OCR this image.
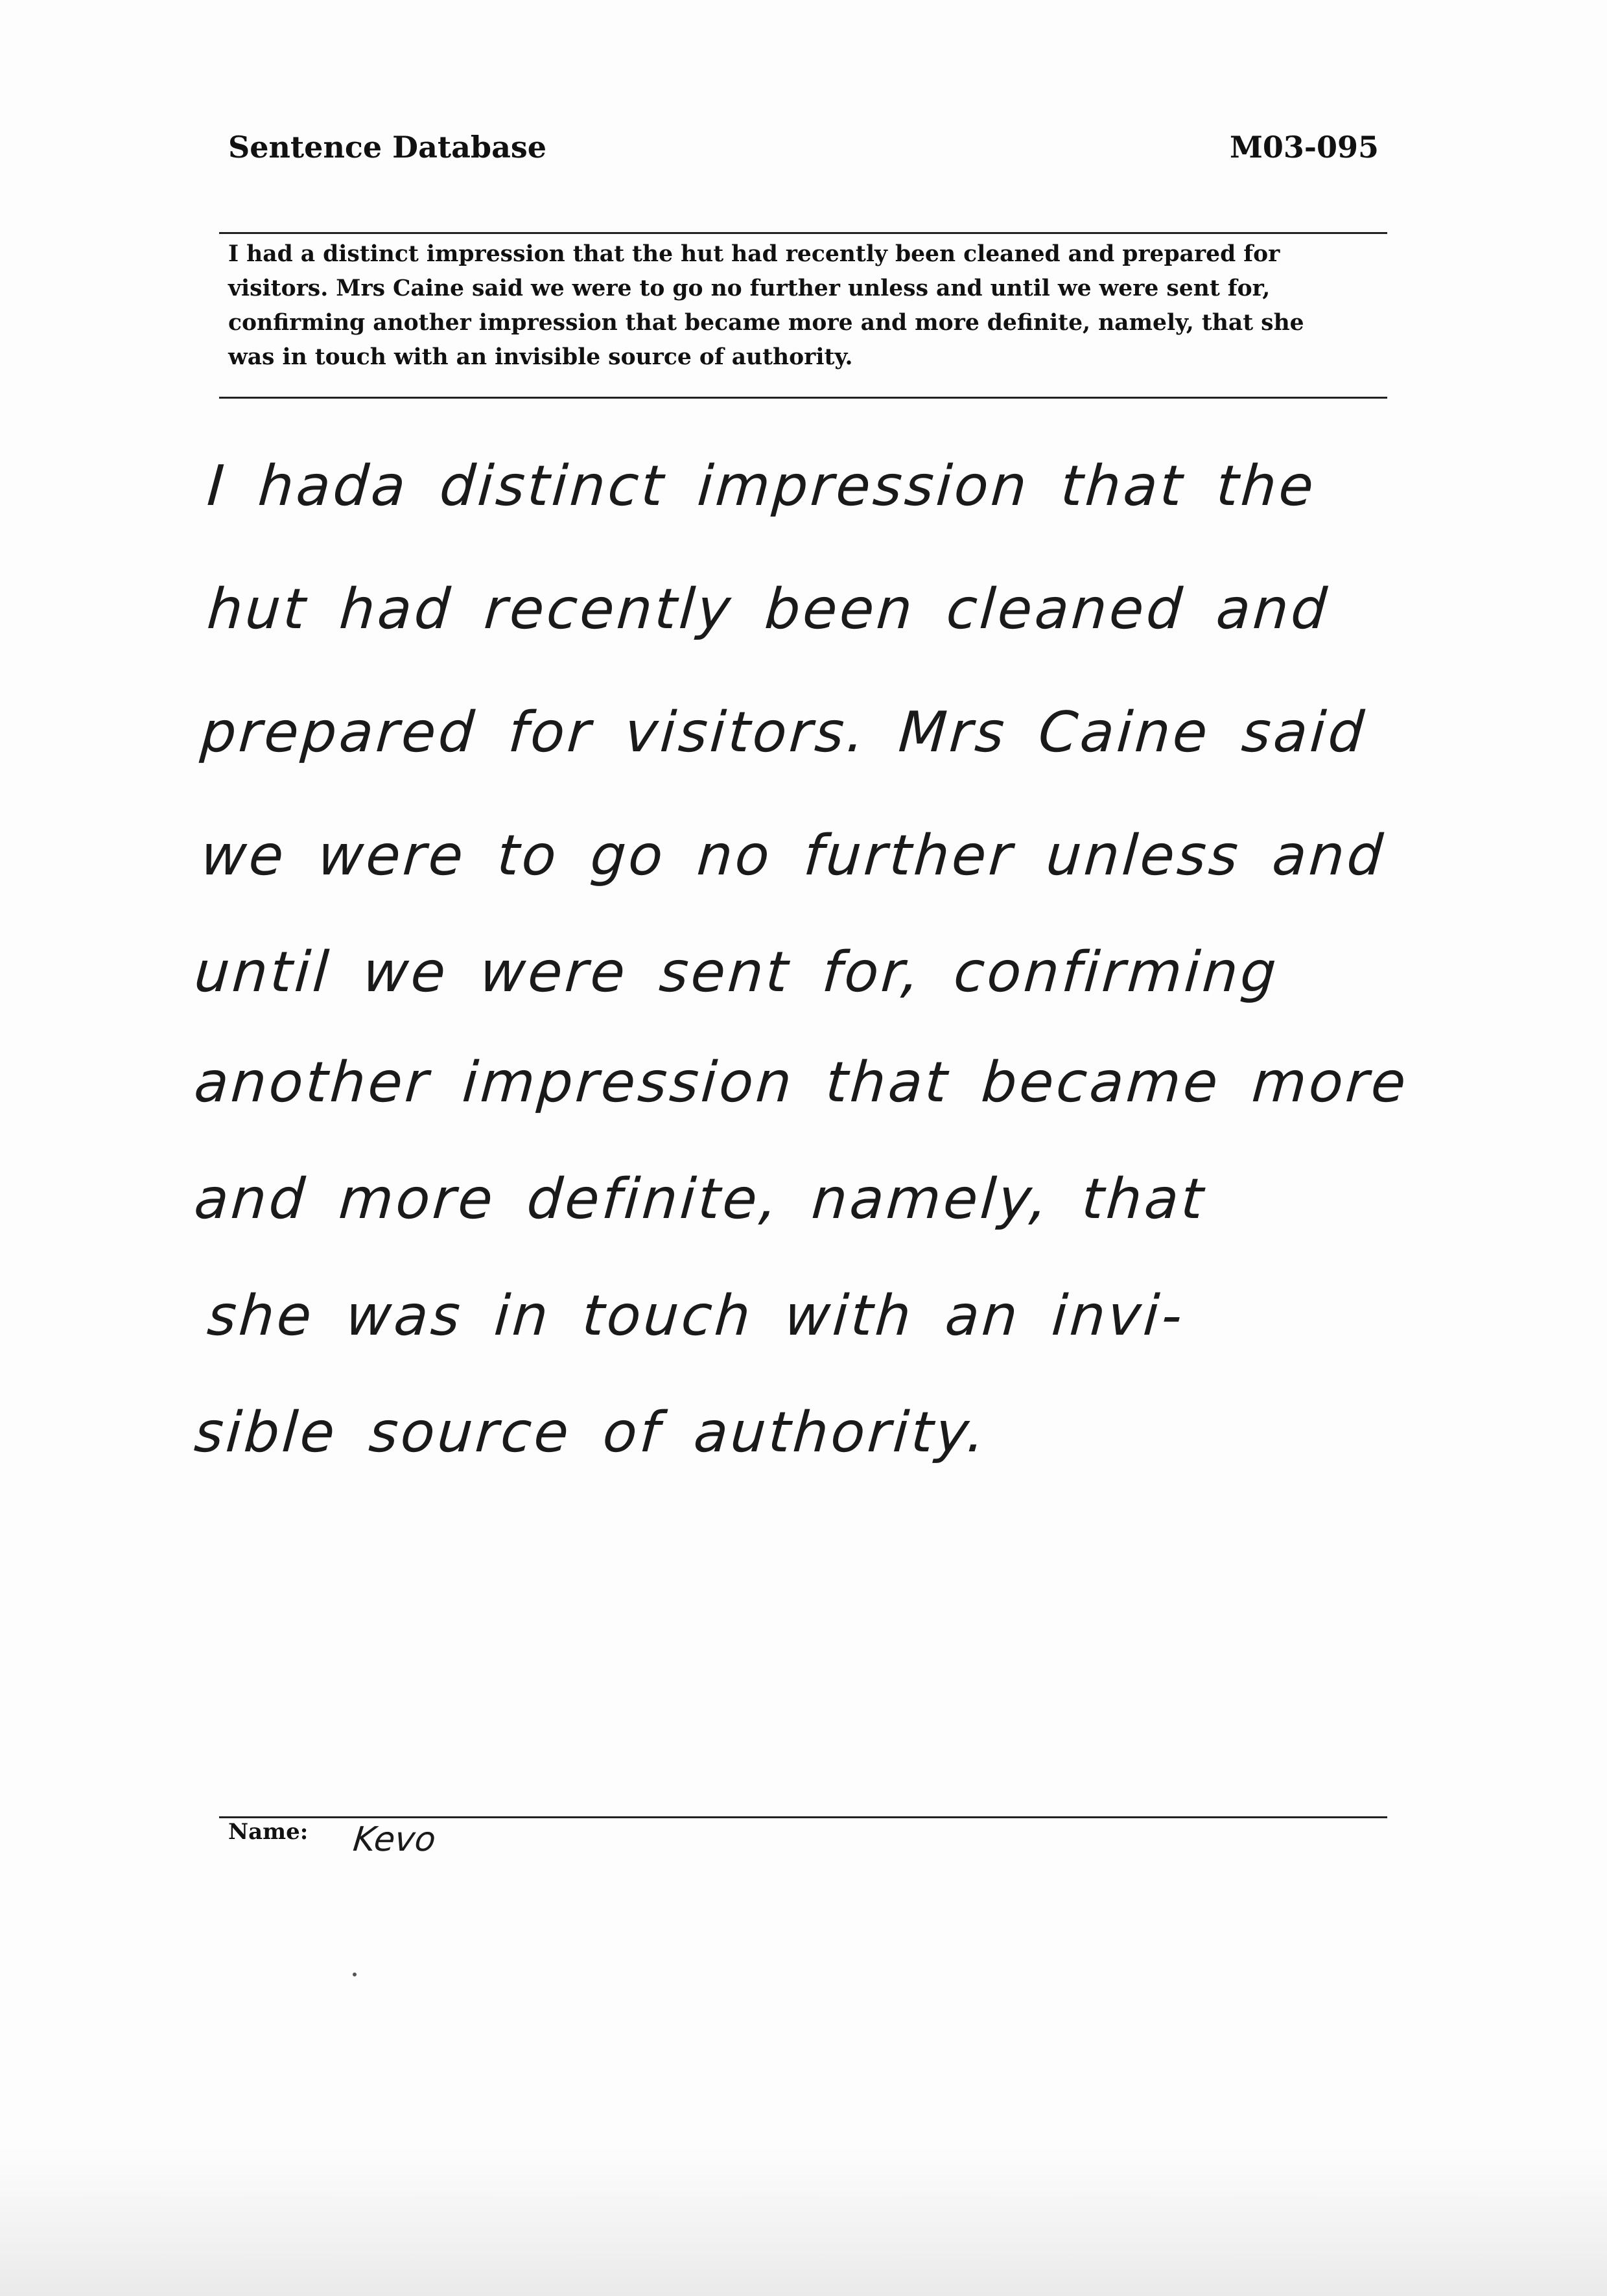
Sentence Database	M03-095
I had a distinct impression that the hut had recently been cleaned and prepared for
visitors. Mrs Caine said we were to go no further unless and until we were sent for,
confirming another impression that became more and more definite, namely, that she
was in touch with an invisible source of authority.
I hada distinct impression that the
hut had recently been cleaned and
prepared for visitors. Mrs Caine said
we were to go no further unless and
until we were sent for, confirming
another impression that became more
and more definite, namely, that
she was in touch with an invi-
sible source of authority.
Name: Kevo
